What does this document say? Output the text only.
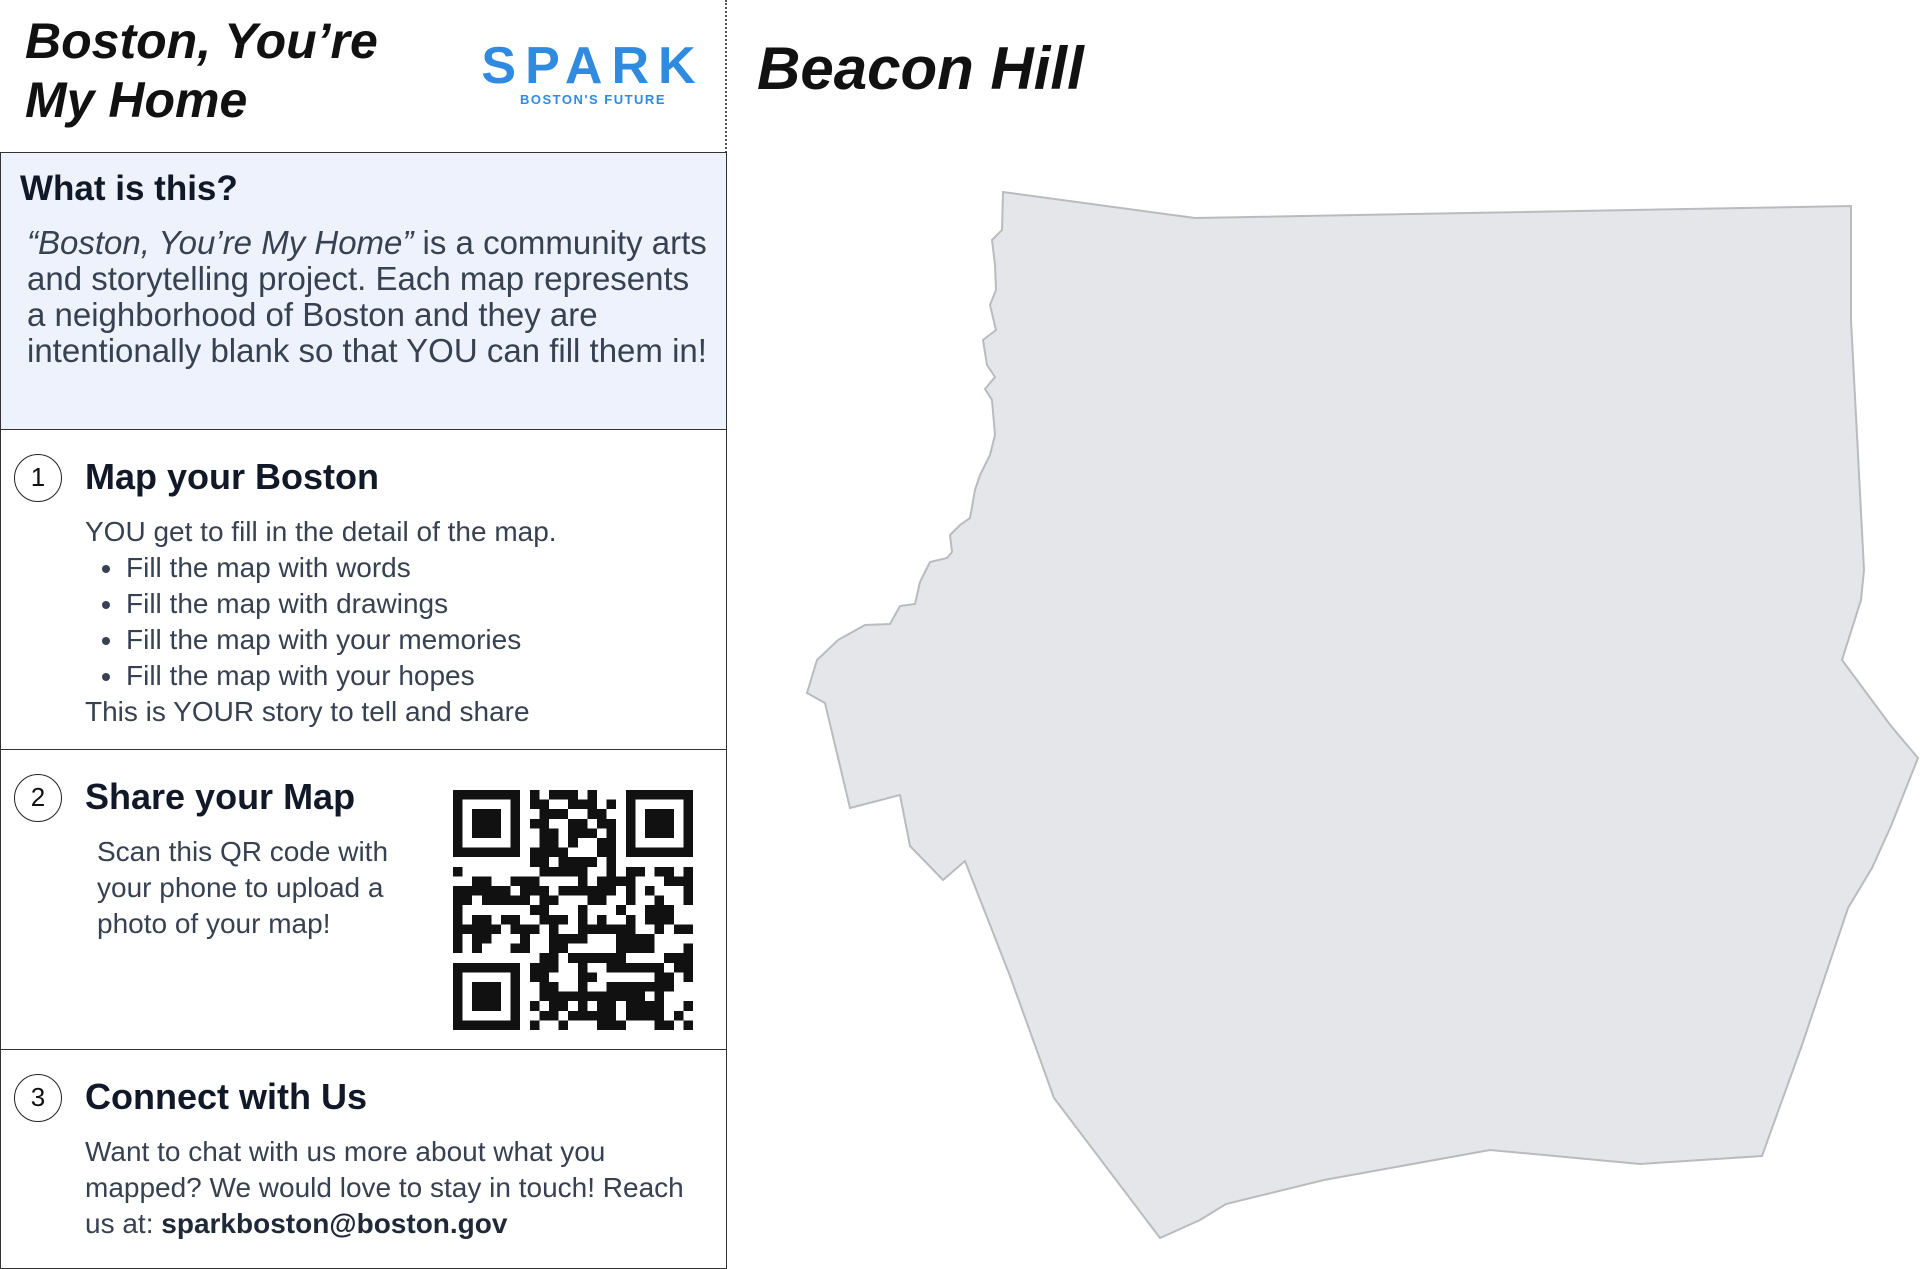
Boston, You’re My Home
SPARK
BOSTON'S FUTURE
What is this?
“Boston, You’re My Home” is a community arts and storytelling project. Each map represents a neighborhood of Boston and they are intentionally blank so that YOU can fill them in!
1	Map your Boston
YOU get to fill in the detail of the map.
Fill the map with words
Fill the map with drawings
Fill the map with your memories
Fill the map with your hopes
This is YOUR story to tell and share
2	Share your Map
Scan this QR code with your phone to upload a photo of your map!
3	Connect with Us
Want to chat with us more about what you mapped? We would love to stay in touch! Reach us at: sparkboston@boston.gov
Beacon Hill
